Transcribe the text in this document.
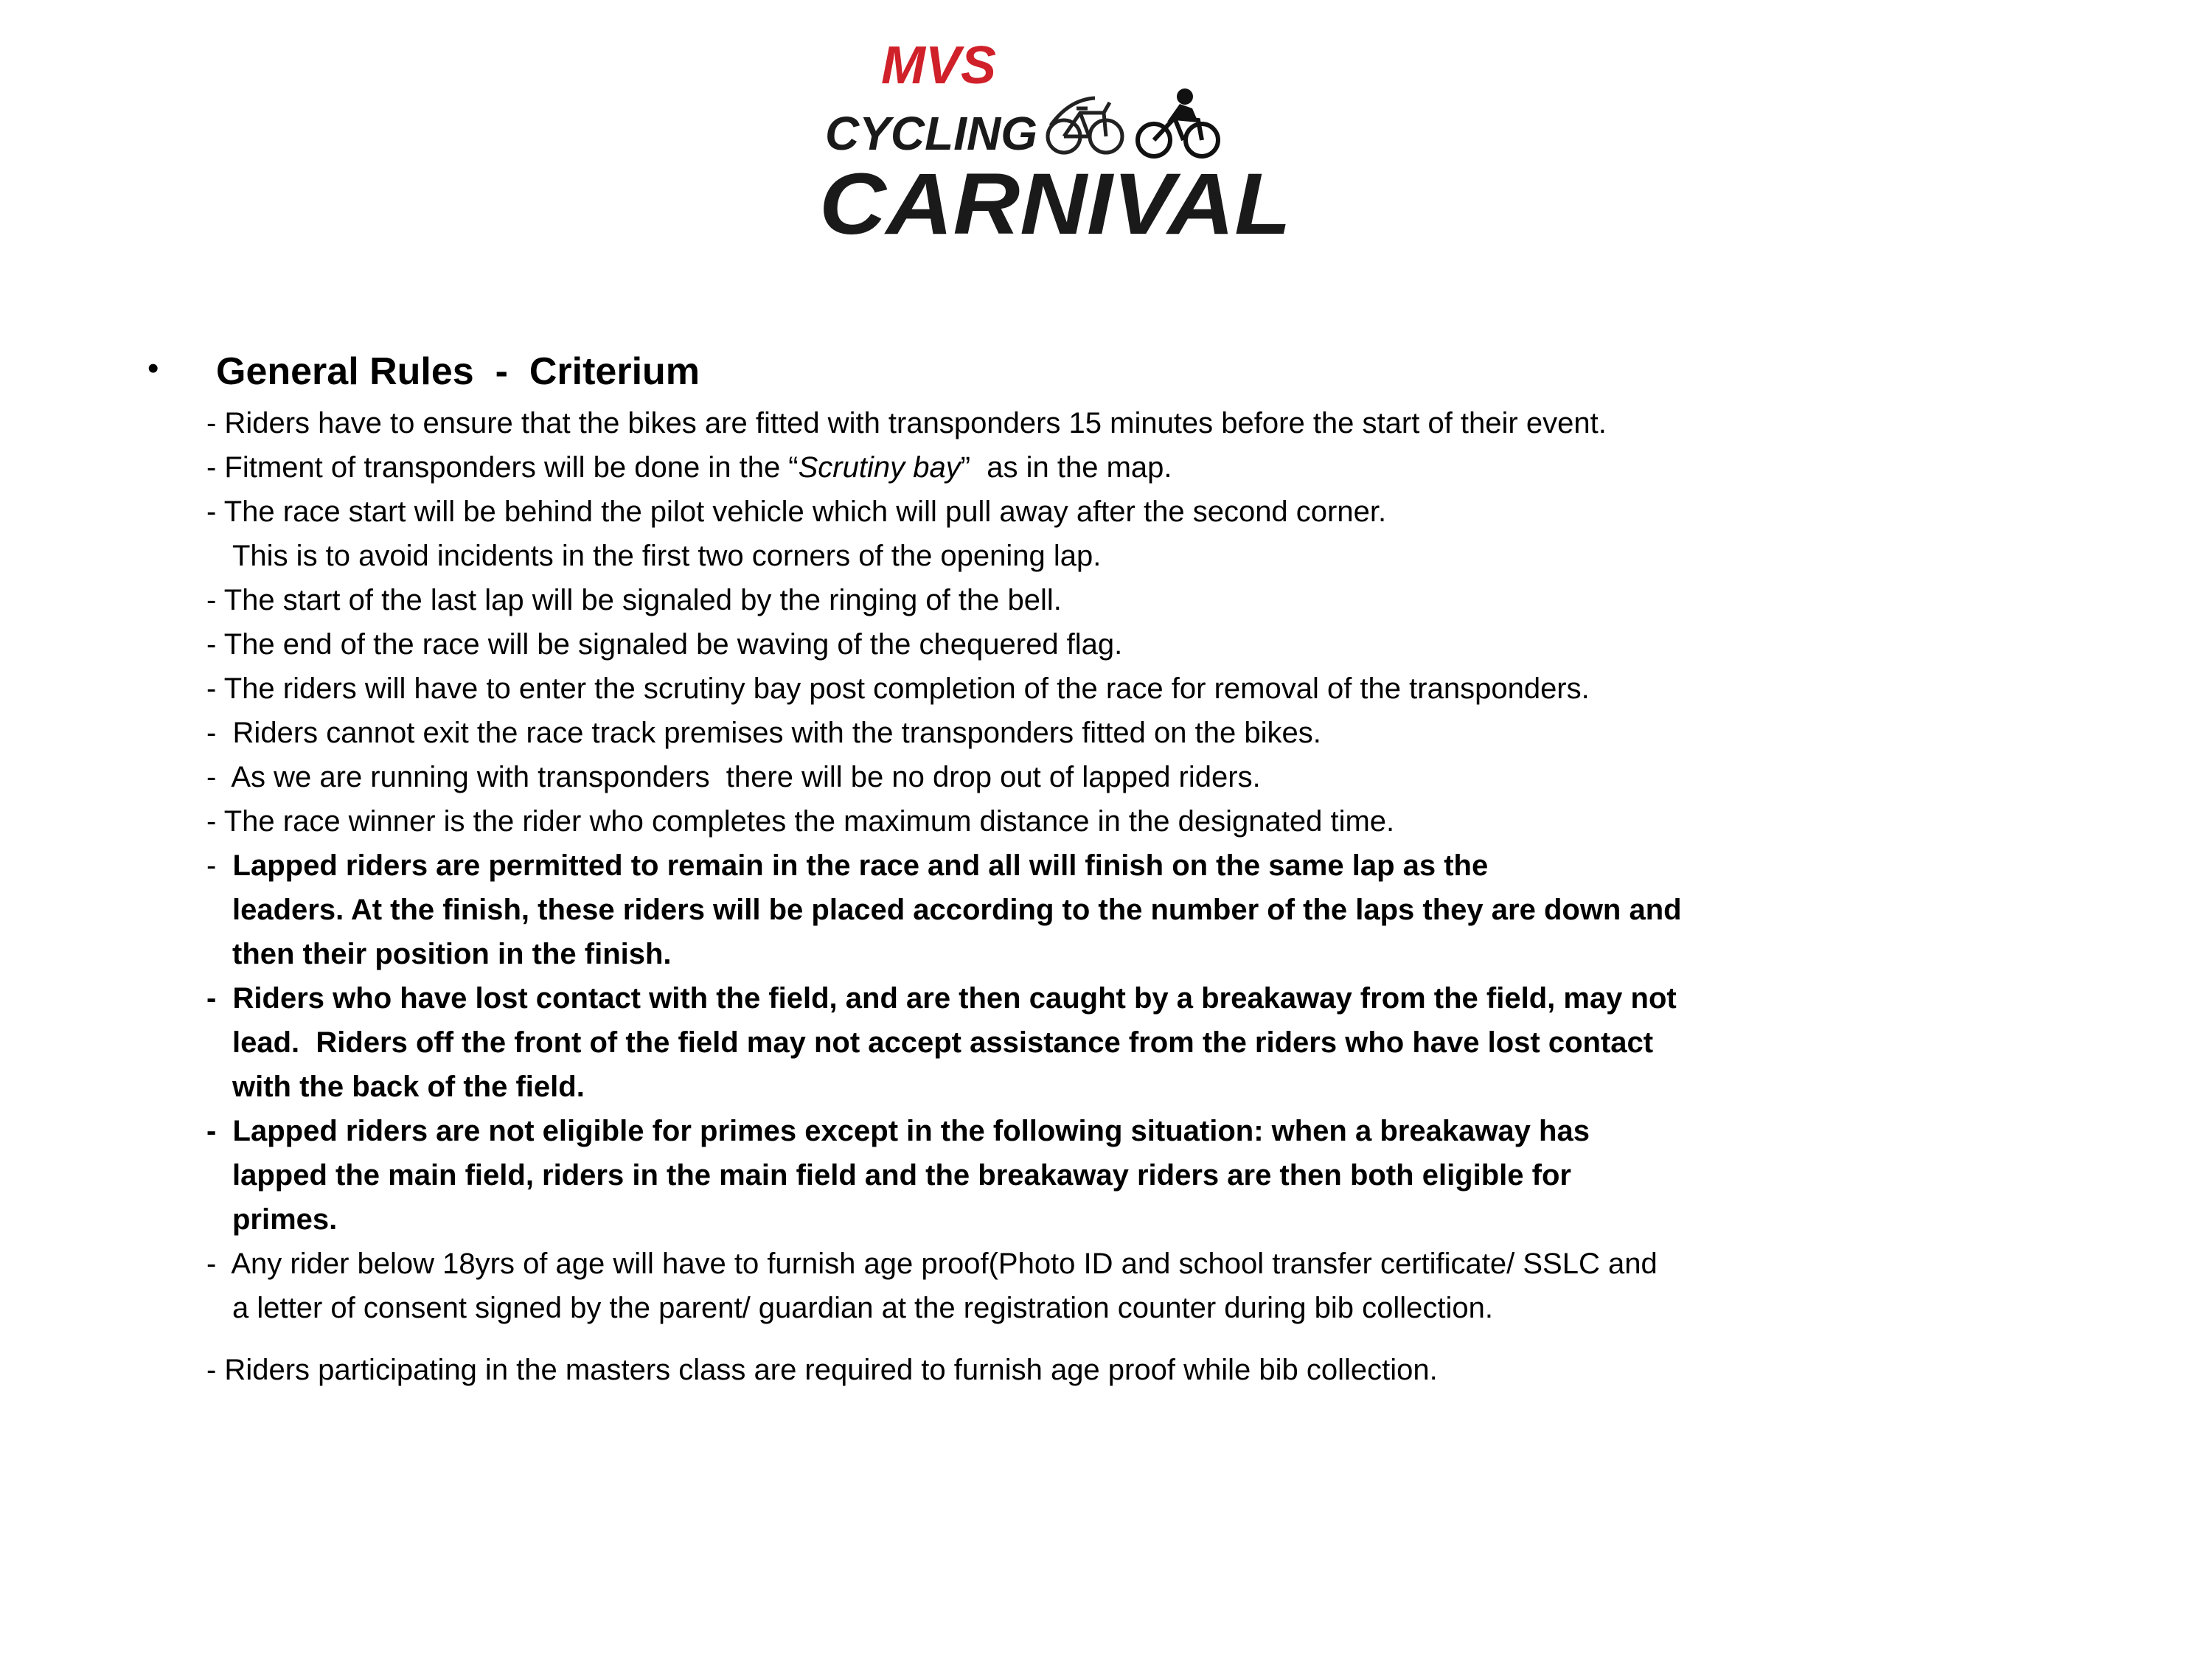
MVS
CYCLING
CARNIVAL
• General Rules - Criterium
- Riders have to ensure that the bikes are fitted with transponders 15 minutes before the start of their event.
- Fitment of transponders will be done in the “Scrutiny bay”  as in the map.
- The race start will be behind the pilot vehicle which will pull away after the second corner.
This is to avoid incidents in the first two corners of the opening lap.
- The start of the last lap will be signaled by the ringing of the bell.
- The end of the race will be signaled be waving of the chequered flag.
- The riders will have to enter the scrutiny bay post completion of the race for removal of the transponders.
-  Riders cannot exit the race track premises with the transponders fitted on the bikes.
-  As we are running with transponders  there will be no drop out of lapped riders.
- The race winner is the rider who completes the maximum distance in the designated time.
-  Lapped riders are permitted to remain in the race and all will finish on the same lap as the
leaders. At the finish, these riders will be placed according to the number of the laps they are down and
then their position in the finish.
-  Riders who have lost contact with the field, and are then caught by a breakaway from the field, may not
lead.  Riders off the front of the field may not accept assistance from the riders who have lost contact
with the back of the field.
-  Lapped riders are not eligible for primes except in the following situation: when a breakaway has
lapped the main field, riders in the main field and the breakaway riders are then both eligible for
primes.
-  Any rider below 18yrs of age will have to furnish age proof(Photo ID and school transfer certificate/ SSLC and
a letter of consent signed by the parent/ guardian at the registration counter during bib collection.
- Riders participating in the masters class are required to furnish age proof while bib collection.
